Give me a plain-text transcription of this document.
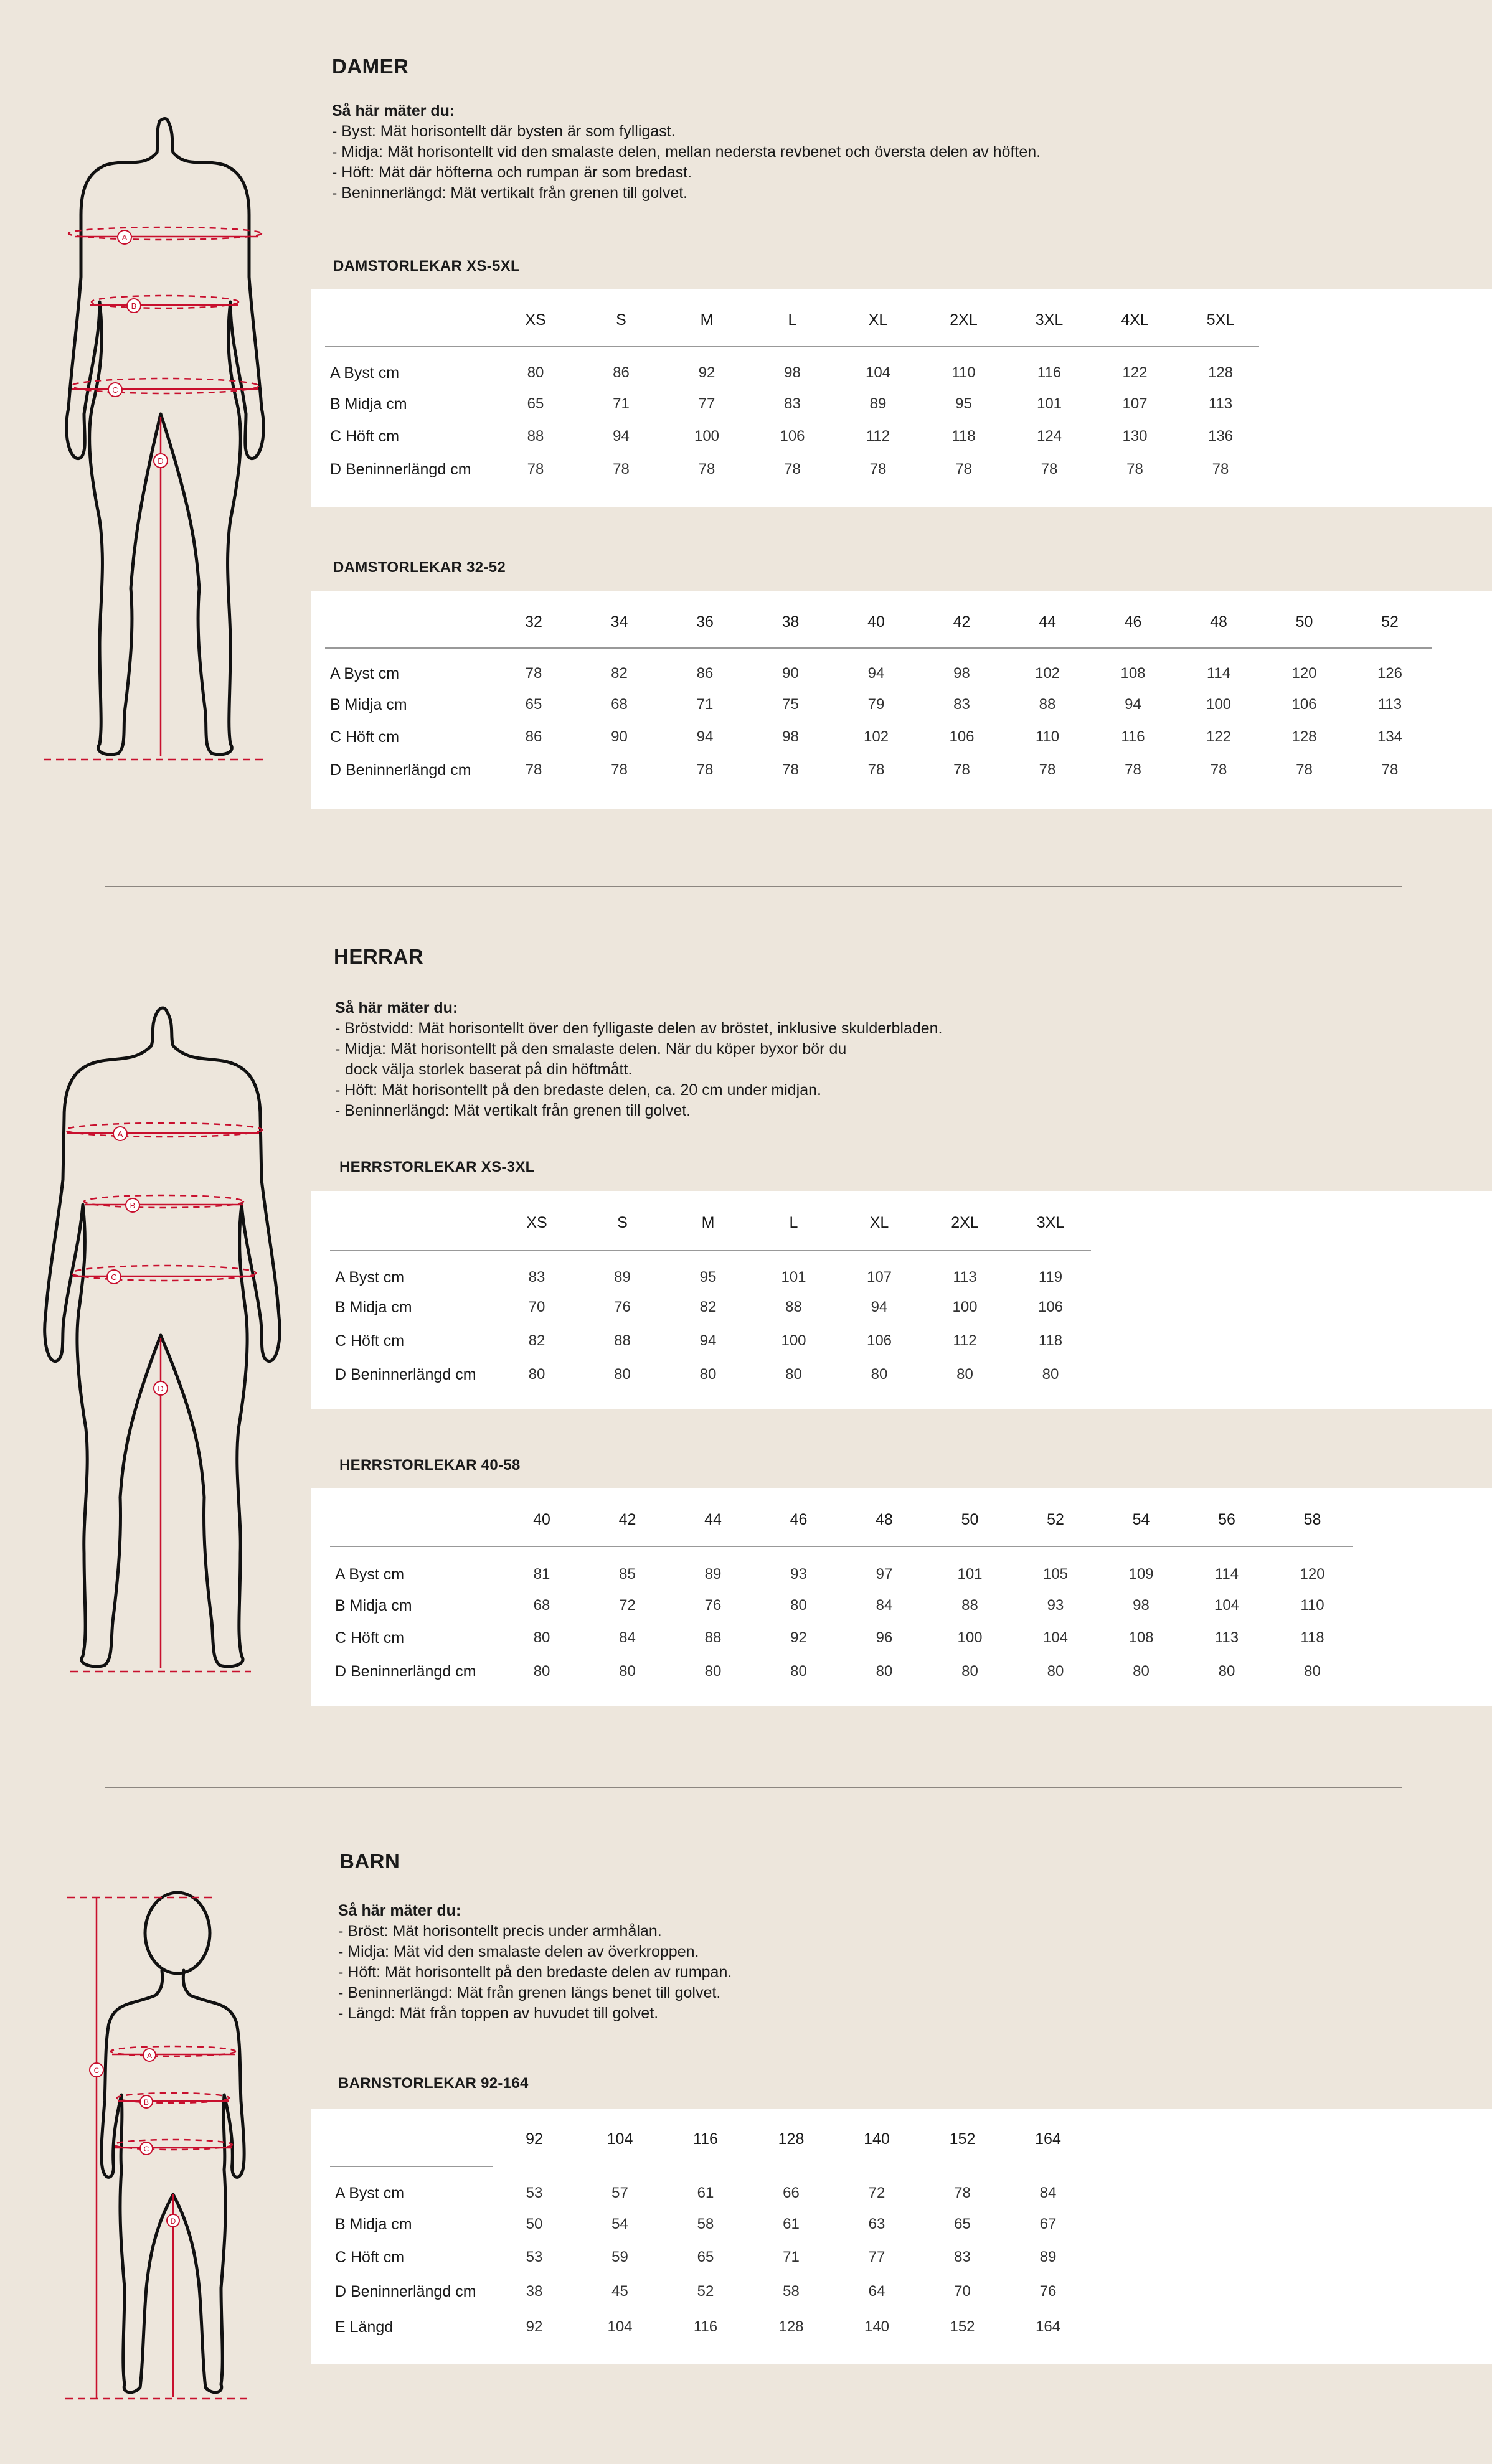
DAMER
Så här mäter du:
- Byst: Mät horisontellt där bysten är som fylligast.
- Midja: Mät horisontellt vid den smalaste delen, mellan nedersta revbenet och översta delen av höften.
- Höft: Mät där höfterna och rumpan är som bredast.
- Beninnerlängd: Mät vertikalt från grenen till golvet.
A
B
C
D
DAMSTORLEKAR XS-5XL
XS	S	M	L	XL	2XL	3XL	4XL	5XL
A Byst cm	80	86	92	98	104	110	116	122	128
B Midja cm	65	71	77	83	89	95	101	107	113
C Höft cm	88	94	100	106	112	118	124	130	136
D Beninnerlängd cm	78	78	78	78	78	78	78	78	78
DAMSTORLEKAR 32-52
32	34	36	38	40	42	44	46	48	50	52
A Byst cm	78	82	86	90	94	98	102	108	114	120	126
B Midja cm	65	68	71	75	79	83	88	94	100	106	113
C Höft cm	86	90	94	98	102	106	110	116	122	128	134
D Beninnerlängd cm	78	78	78	78	78	78	78	78	78	78	78
HERRAR
Så här mäter du:
- Bröstvidd: Mät horisontellt över den fylligaste delen av bröstet, inklusive skulderbladen.
- Midja: Mät horisontellt på den smalaste delen. När du köper byxor bör du
dock välja storlek baserat på din höftmått.
- Höft: Mät horisontellt på den bredaste delen, ca. 20 cm under midjan.
- Beninnerlängd: Mät vertikalt från grenen till golvet.
A
B
C
D
HERRSTORLEKAR XS-3XL
XS	S	M	L	XL	2XL	3XL
A Byst cm	83	89	95	101	107	113	119
B Midja cm	70	76	82	88	94	100	106
C Höft cm	82	88	94	100	106	112	118
D Beninnerlängd cm	80	80	80	80	80	80	80
HERRSTORLEKAR 40-58
40	42	44	46	48	50	52	54	56	58
A Byst cm	81	85	89	93	97	101	105	109	114	120
B Midja cm	68	72	76	80	84	88	93	98	104	110
C Höft cm	80	84	88	92	96	100	104	108	113	118
D Beninnerlängd cm	80	80	80	80	80	80	80	80	80	80
BARN
Så här mäter du:
- Bröst: Mät horisontellt precis under armhålan.
- Midja: Mät vid den smalaste delen av överkroppen.
- Höft: Mät horisontellt på den bredaste delen av rumpan.
- Beninnerlängd: Mät från grenen längs benet till golvet.
- Längd: Mät från toppen av huvudet till golvet.
C
A
B
C
D
BARNSTORLEKAR 92-164
92	104	116	128	140	152	164
A Byst cm	53	57	61	66	72	78	84
B Midja cm	50	54	58	61	63	65	67
C Höft cm	53	59	65	71	77	83	89
D Beninnerlängd cm	38	45	52	58	64	70	76
E Längd	92	104	116	128	140	152	164
